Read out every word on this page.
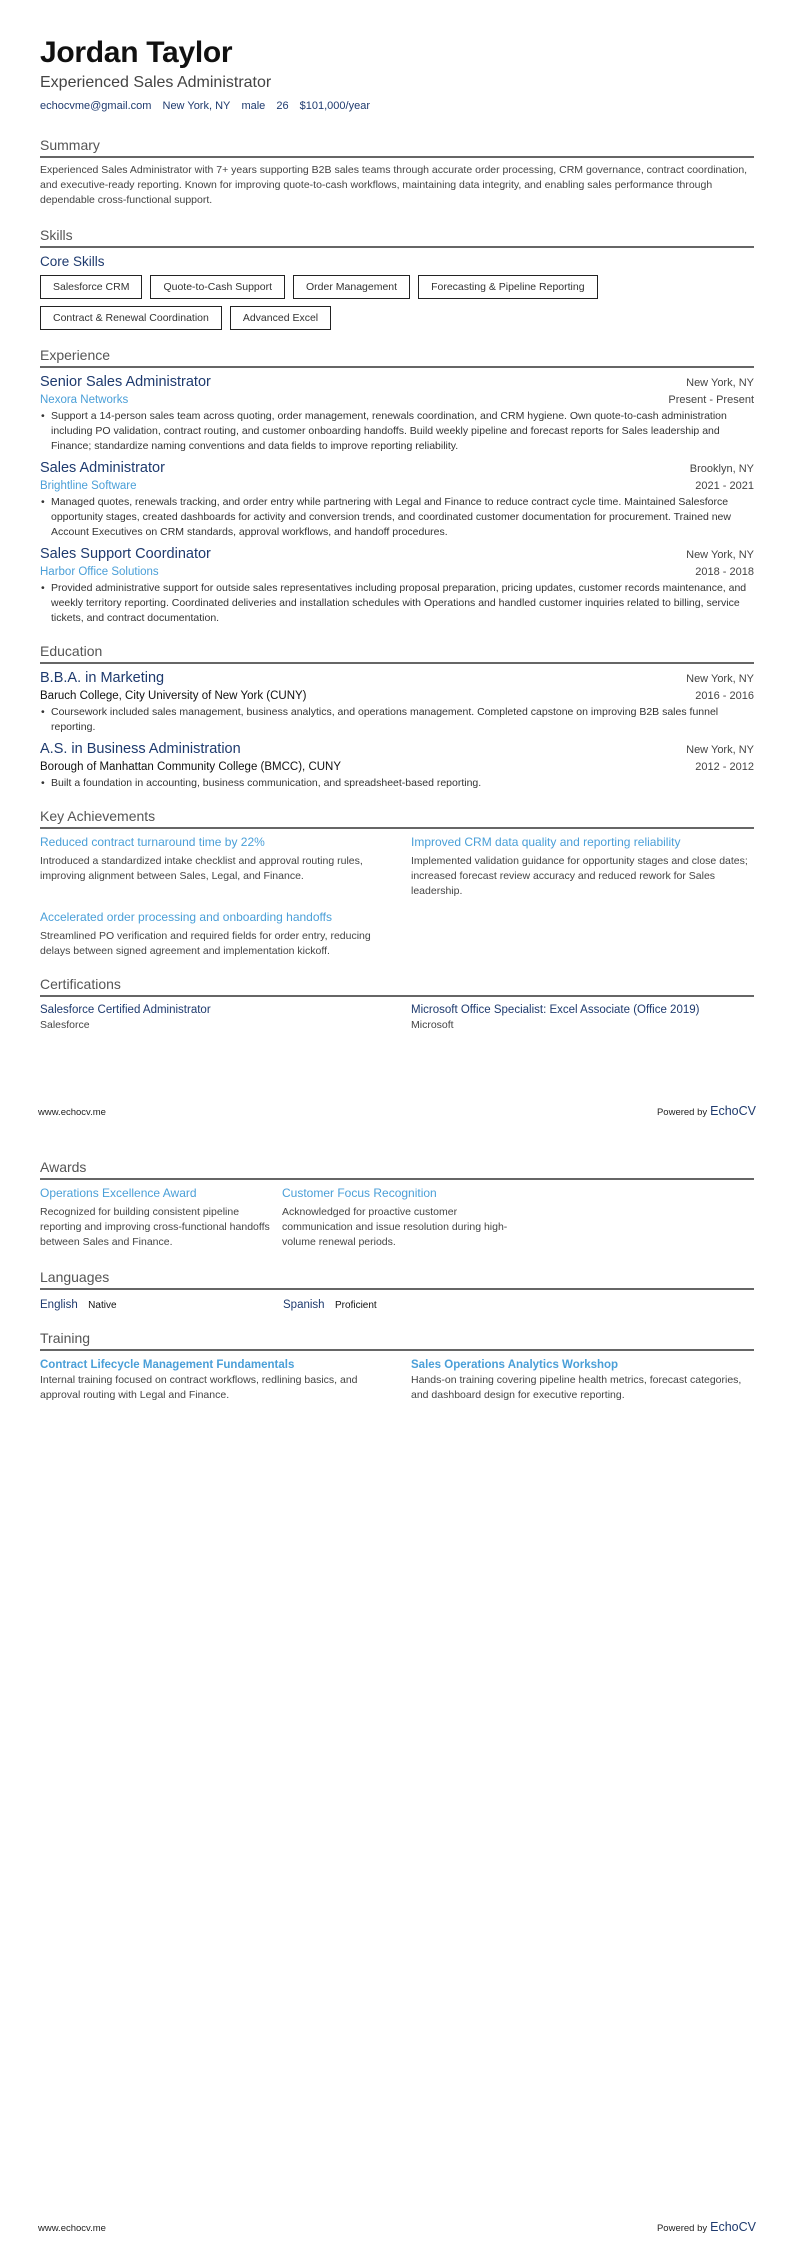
Jordan Taylor
Experienced Sales Administrator
echocvme@gmail.com New York, NY male 26 $101,000/year
Summary
Experienced Sales Administrator with 7+ years supporting B2B sales teams through accurate order processing, CRM governance, contract coordination, and executive-ready reporting. Known for improving quote-to-cash workflows, maintaining data integrity, and enabling sales performance through dependable cross-functional support.
Skills
Core Skills
Salesforce CRM	Quote-to-Cash Support	Order Management	Forecasting & Pipeline Reporting
Contract & Renewal Coordination	Advanced Excel
Experience
Senior Sales Administrator	New York, NY
Nexora Networks	Present - Present
• Support a 14-person sales team across quoting, order management, renewals coordination, and CRM hygiene. Own quote-to-cash administration including PO validation, contract routing, and customer onboarding handoffs. Build weekly pipeline and forecast reports for Sales leadership and Finance; standardize naming conventions and data fields to improve reporting reliability.
Sales Administrator	Brooklyn, NY
Brightline Software	2021 - 2021
• Managed quotes, renewals tracking, and order entry while partnering with Legal and Finance to reduce contract cycle time. Maintained Salesforce opportunity stages, created dashboards for activity and conversion trends, and coordinated customer documentation for procurement. Trained new Account Executives on CRM standards, approval workflows, and handoff procedures.
Sales Support Coordinator	New York, NY
Harbor Office Solutions	2018 - 2018
• Provided administrative support for outside sales representatives including proposal preparation, pricing updates, customer records maintenance, and weekly territory reporting. Coordinated deliveries and installation schedules with Operations and handled customer inquiries related to billing, service tickets, and contract documentation.
Education
B.B.A. in Marketing	New York, NY
Baruch College, City University of New York (CUNY)	2016 - 2016
• Coursework included sales management, business analytics, and operations management. Completed capstone on improving B2B sales funnel reporting.
A.S. in Business Administration	New York, NY
Borough of Manhattan Community College (BMCC), CUNY	2012 - 2012
• Built a foundation in accounting, business communication, and spreadsheet-based reporting.
Key Achievements
Reduced contract turnaround time by 22%
Introduced a standardized intake checklist and approval routing rules, improving alignment between Sales, Legal, and Finance.
Improved CRM data quality and reporting reliability
Implemented validation guidance for opportunity stages and close dates; increased forecast review accuracy and reduced rework for Sales leadership.
Accelerated order processing and onboarding handoffs
Streamlined PO verification and required fields for order entry, reducing delays between signed agreement and implementation kickoff.
Certifications
Salesforce Certified Administrator
Salesforce
Microsoft Office Specialist: Excel Associate (Office 2019)
Microsoft
www.echocv.me	Powered by EchoCV
Awards
Operations Excellence Award
Recognized for building consistent pipeline reporting and improving cross-functional handoffs between Sales and Finance.
Customer Focus Recognition
Acknowledged for proactive customer communication and issue resolution during high-volume renewal periods.
Languages
English Native	Spanish Proficient
Training
Contract Lifecycle Management Fundamentals
Internal training focused on contract workflows, redlining basics, and approval routing with Legal and Finance.
Sales Operations Analytics Workshop
Hands-on training covering pipeline health metrics, forecast categories, and dashboard design for executive reporting.
www.echocv.me	Powered by EchoCV
